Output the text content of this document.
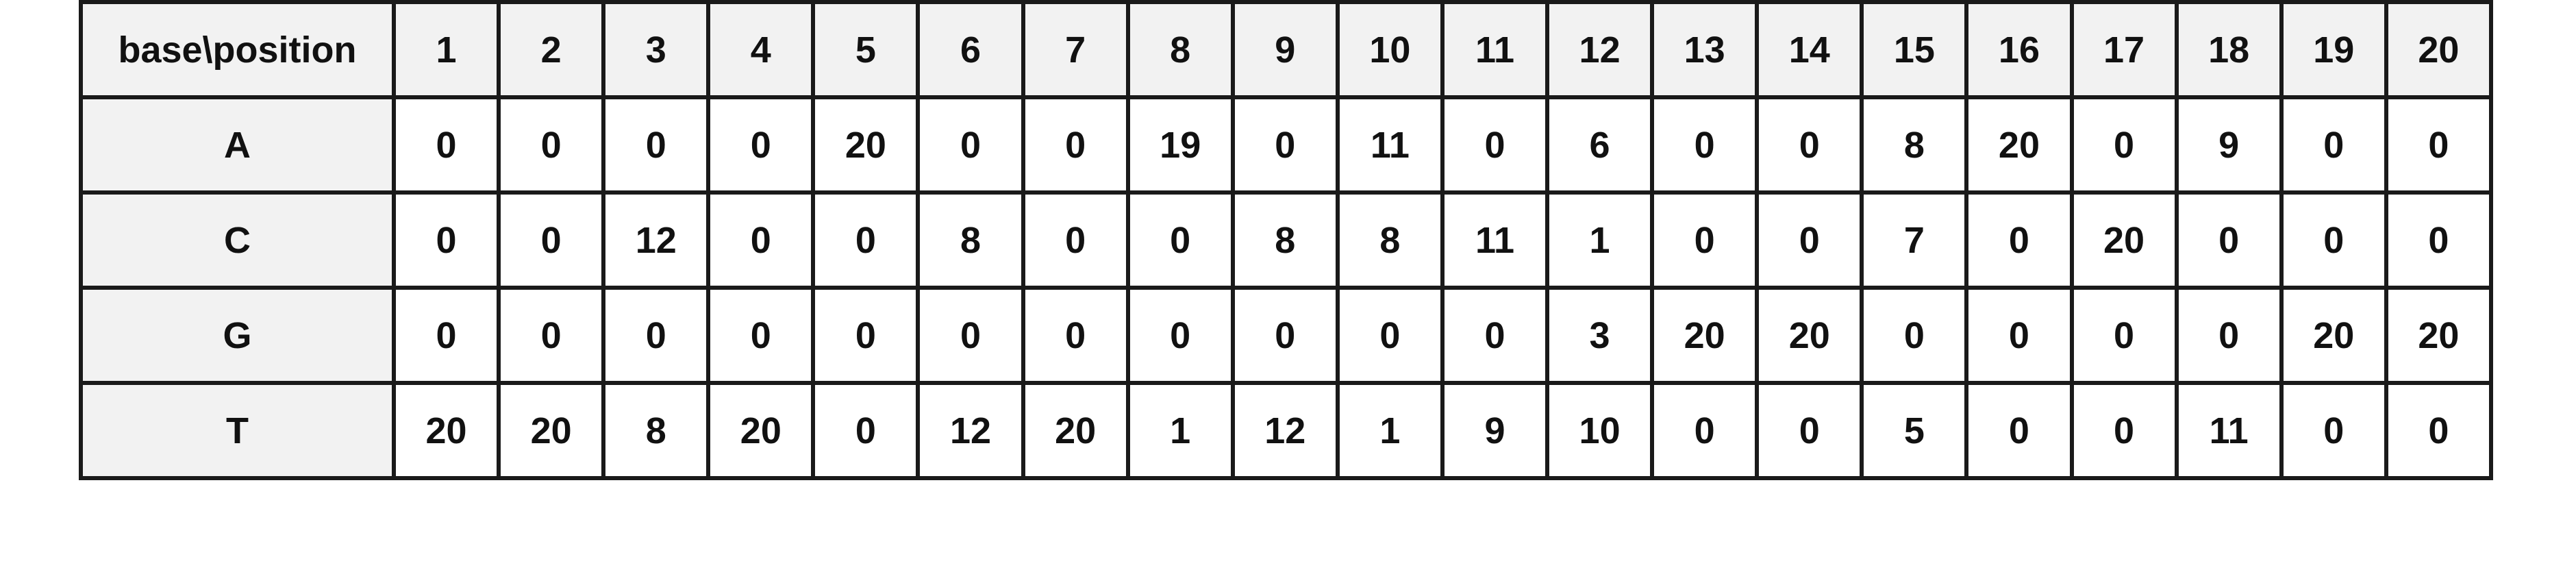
base\position	1	2	3	4	5	6	7	8	9	10	11	12	13	14	15	16	17	18	19	20
A	0	0	0	0	20	0	0	19	0	11	0	6	0	0	8	20	0	9	0	0
C	0	0	12	0	0	8	0	0	8	8	11	1	0	0	7	0	20	0	0	0
G	0	0	0	0	0	0	0	0	0	0	0	3	20	20	0	0	0	0	20	20
T	20	20	8	20	0	12	20	1	12	1	9	10	0	0	5	0	0	11	0	0
